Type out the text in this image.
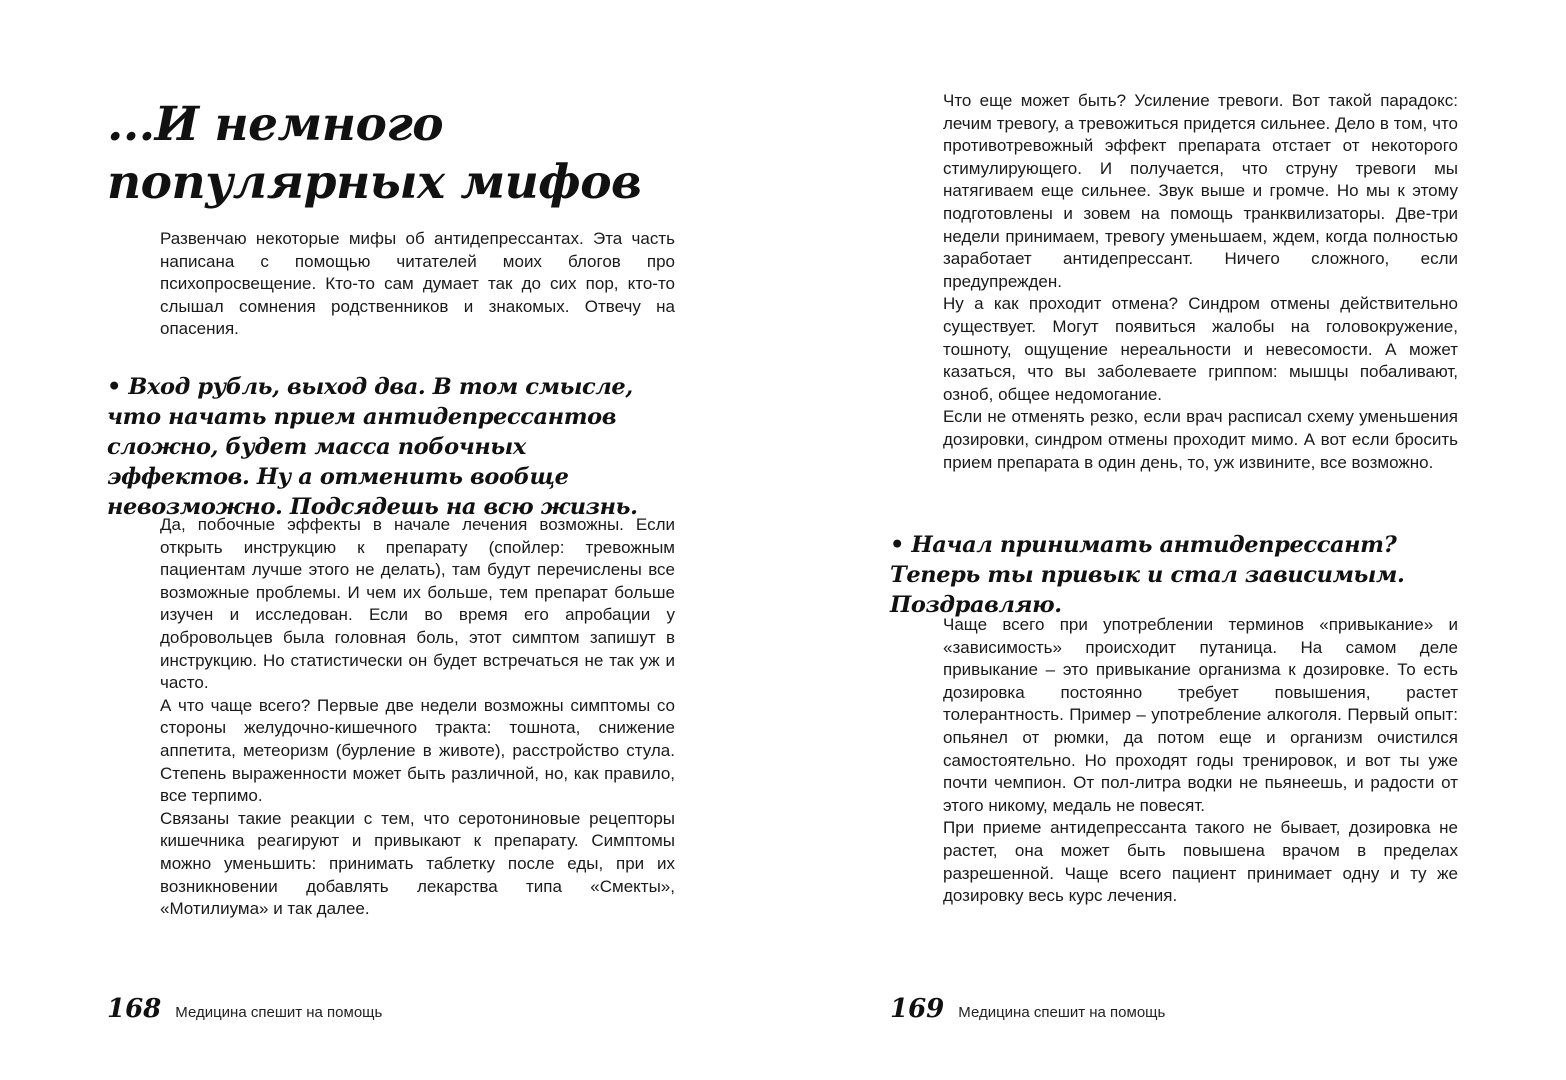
...И немного популярных мифов

Развенчаю некоторые мифы об антидепрессантах. Эта часть написана с помощью читателей моих блогов про психопросвещение. Кто-то сам думает так до сих пор, кто-то слышал сомнения родственников и знакомых. Отвечу на опасения.

• Вход рубль, выход два. В том смысле, что начать прием антидепрессантов сложно, будет масса побочных эффектов. Ну а отменить вообще невозможно. Подсядешь на всю жизнь.

Да, побочные эффекты в начале лечения возможны. Если открыть инструкцию к препарату (спойлер: тревожным пациентам лучше этого не делать), там будут перечислены все возможные проблемы. И чем их больше, тем препарат больше изучен и исследован. Если во время его апробации у добровольцев была головная боль, этот симптом запишут в инструкцию. Но статистически он будет встречаться не так уж и часто.

А что чаще всего? Первые две недели возможны симптомы со стороны желудочно-кишечного тракта: тошнота, снижение аппетита, метеоризм (бурление в животе), расстройство стула. Степень выраженности может быть различной, но, как правило, все терпимо.

Связаны такие реакции с тем, что серотониновые рецепторы кишечника реагируют и привыкают к препарату. Симптомы можно уменьшить: принимать таблетку после еды, при их возникновении добавлять лекарства типа «Смекты», «Мотилиума» и так далее.

168 Медицина спешит на помощь

Что еще может быть? Усиление тревоги. Вот такой парадокс: лечим тревогу, а тревожиться придется сильнее. Дело в том, что противотревожный эффект препарата отстает от некоторого стимулирующего. И получается, что струну тревоги мы натягиваем еще сильнее. Звук выше и громче. Но мы к этому подготовлены и зовем на помощь транквилизаторы. Две-три недели принимаем, тревогу уменьшаем, ждем, когда полностью заработает антидепрессант. Ничего сложного, если предупрежден.

Ну а как проходит отмена? Синдром отмены действительно существует. Могут появиться жалобы на головокружение, тошноту, ощущение нереальности и невесомости. А может казаться, что вы заболеваете гриппом: мышцы побаливают, озноб, общее недомогание.

Если не отменять резко, если врач расписал схему уменьшения дозировки, синдром отмены проходит мимо. А вот если бросить прием препарата в один день, то, уж извините, все возможно.

• Начал принимать антидепрессант? Теперь ты привык и стал зависимым. Поздравляю.

Чаще всего при употреблении терминов «привыкание» и «зависимость» происходит путаница. На самом деле привыкание – это привыкание организма к дозировке. То есть дозировка постоянно требует повышения, растет толерантность. Пример – употребление алкоголя. Первый опыт: опьянел от рюмки, да потом еще и организм очистился самостоятельно. Но проходят годы тренировок, и вот ты уже почти чемпион. От пол-литра водки не пьянеешь, и радости от этого никому, медаль не повесят.

При приеме антидепрессанта такого не бывает, дозировка не растет, она может быть повышена врачом в пределах разрешенной. Чаще всего пациент принимает одну и ту же дозировку весь курс лечения.

169 Медицина спешит на помощь
